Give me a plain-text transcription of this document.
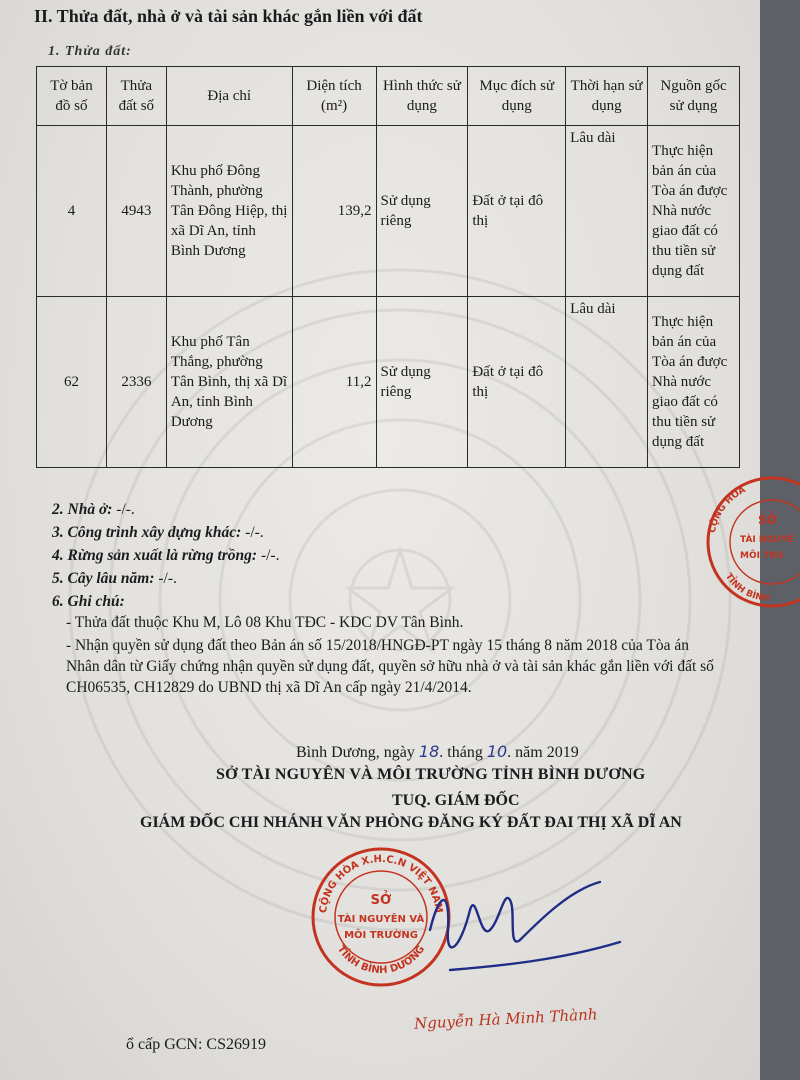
II. Thửa đất, nhà ở và tài sản khác gắn liền với đất
1. Thửa đất:
Tờ bản đồ số	Thửa đất số	Địa chỉ	Diện tích (m²)	Hình thức sử dụng	Mục đích sử dụng	Thời hạn sử dụng	Nguồn gốc sử dụng
4	4943	Khu phố Đông Thành, phường Tân Đông Hiệp, thị xã Dĩ An, tỉnh Bình Dương	139,2	Sử dụng riêng	Đất ở tại đô thị	Lâu dài	Thực hiện bản án của Tòa án được Nhà nước giao đất có thu tiền sử dụng đất
62	2336	Khu phố Tân Thắng, phường Tân Bình, thị xã Dĩ An, tỉnh Bình Dương	11,2	Sử dụng riêng	Đất ở tại đô thị	Lâu dài	Thực hiện bản án của Tòa án được Nhà nước giao đất có thu tiền sử dụng đất
2. Nhà ở: -/-.
3. Công trình xây dựng khác: -/-.
4. Rừng sản xuất là rừng trồng: -/-.
5. Cây lâu năm: -/-.
6. Ghi chú:

- Thửa đất thuộc Khu M, Lô 08 Khu TĐC - KDC DV Tân Bình.

- Nhận quyền sử dụng đất theo Bản án số 15/2018/HNGĐ-PT ngày 15 tháng 8 năm 2018 của Tòa án Nhân dân từ Giấy chứng nhận quyền sử dụng đất, quyền sở hữu nhà ở và tài sản khác gắn liền với đất số CH06535, CH12829 do UBND thị xã Dĩ An cấp ngày 21/4/2014.

Bình Dương, ngày 18. tháng 10. năm 2019
SỞ TÀI NGUYÊN VÀ MÔI TRƯỜNG TỈNH BÌNH DƯƠNG
TUQ. GIÁM ĐỐC
GIÁM ĐỐC CHI NHÁNH VĂN PHÒNG ĐĂNG KÝ ĐẤT ĐAI THỊ XÃ DĨ AN
CỘNG HÒA X.H.C.N VIỆT NAM
TỈNH BÌNH DƯƠNG
SỞ
TÀI NGUYÊN VÀ
MÔI TRƯỜNG
Nguyễn Hà Minh Thành
ổ cấp GCN: CS26919
CỘNG HÒA
TỈNH BÌNH
SỞ
TÀI NGUYÊ
MÔI TRU
